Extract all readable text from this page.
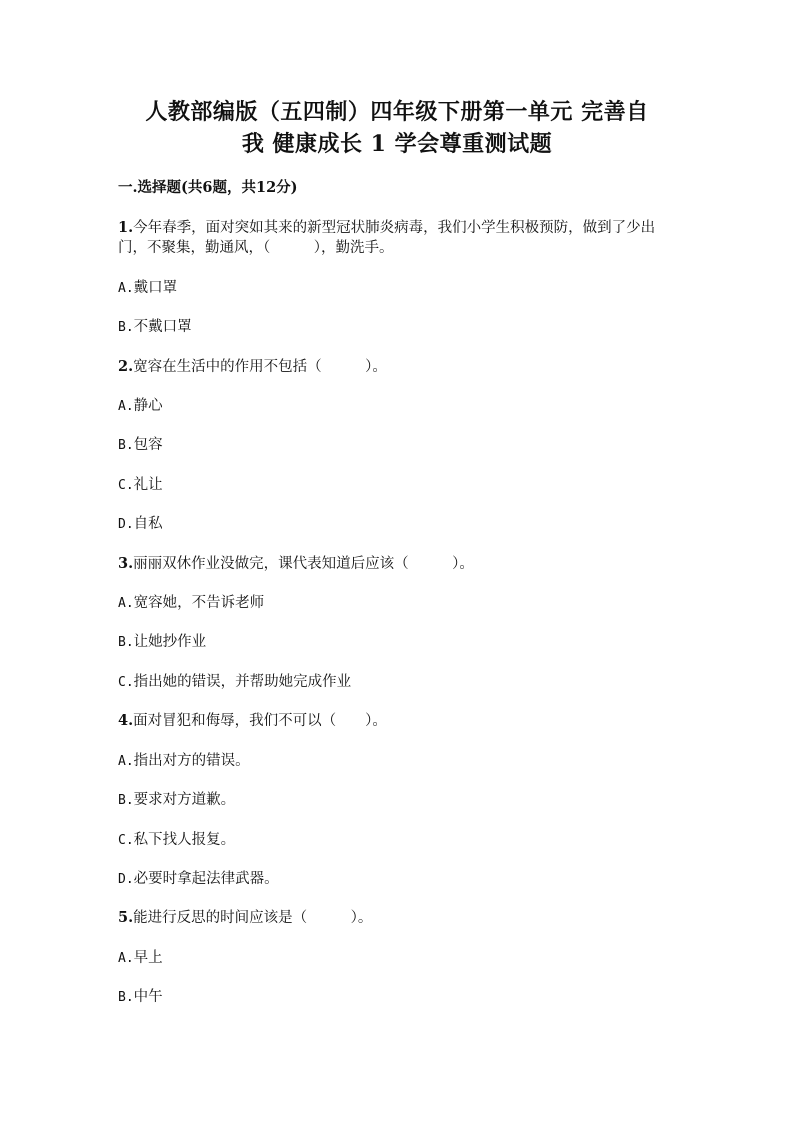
人教部编版（五四制）四年级下册第一单元 完善自
我 健康成长 1 学会尊重测试题
一.选择题(共6题，共12分)
1.今年春季，面对突如其来的新型冠状肺炎病毒，我们小学生积极预防，做到了少出门，不聚集，勤通风，（　　　），勤洗手。
A.戴口罩
B.不戴口罩
2.宽容在生活中的作用不包括（　　　）。
A.静心
B.包容
C.礼让
D.自私
3.丽丽双休作业没做完，课代表知道后应该（　　　）。
A.宽容她，不告诉老师
B.让她抄作业
C.指出她的错误，并帮助她完成作业
4.面对冒犯和侮辱，我们不可以（　　）。
A.指出对方的错误。
B.要求对方道歉。
C.私下找人报复。
D.必要时拿起法律武器。
5.能进行反思的时间应该是（　　　）。
A.早上
B.中午
